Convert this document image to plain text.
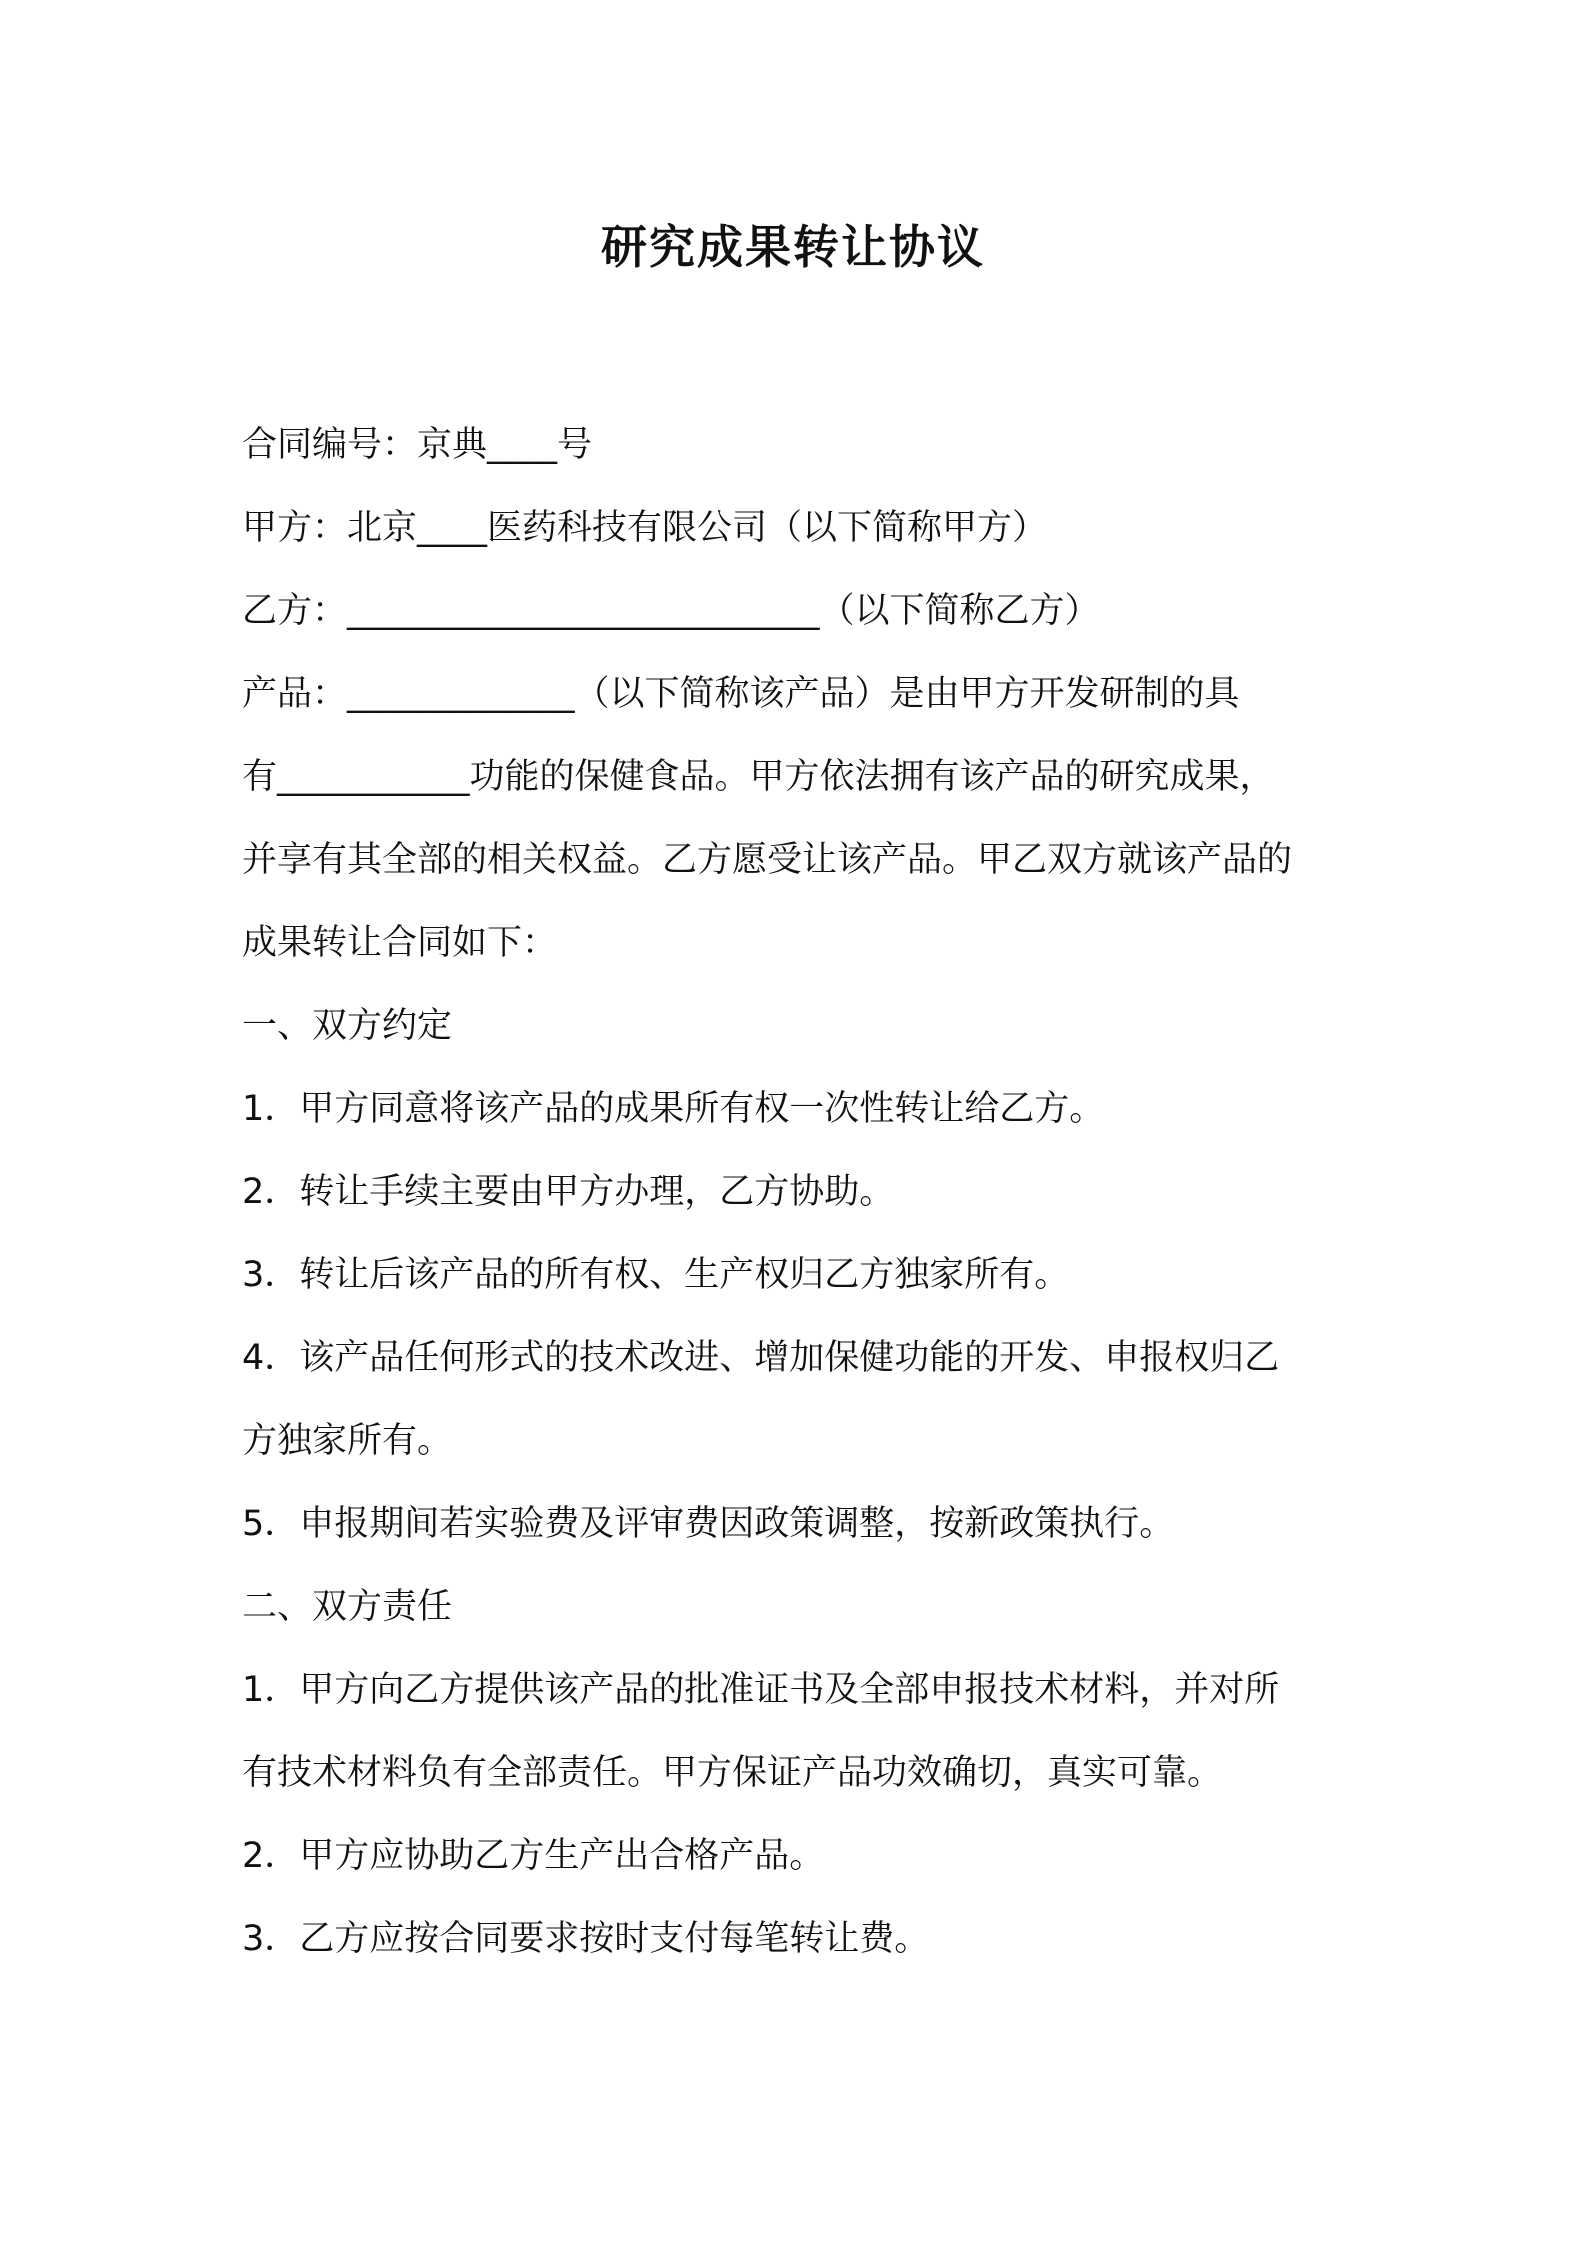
研究成果转让协议
合同编号：京典____号
甲方：北京____医药科技有限公司（以下简称甲方）
乙方：___________________________（以下简称乙方）
产品：_____________（以下简称该产品）是由甲方开发研制的具
有___________功能的保健食品。甲方依法拥有该产品的研究成果，
并享有其全部的相关权益。乙方愿受让该产品。甲乙双方就该产品的
成果转让合同如下：
一、双方约定
1．甲方同意将该产品的成果所有权一次性转让给乙方。
2．转让手续主要由甲方办理，乙方协助。
3．转让后该产品的所有权、生产权归乙方独家所有。
4．该产品任何形式的技术改进、增加保健功能的开发、申报权归乙
方独家所有。
5．申报期间若实验费及评审费因政策调整，按新政策执行。
二、双方责任
1．甲方向乙方提供该产品的批准证书及全部申报技术材料，并对所
有技术材料负有全部责任。甲方保证产品功效确切，真实可靠。
2．甲方应协助乙方生产出合格产品。
3．乙方应按合同要求按时支付每笔转让费。
